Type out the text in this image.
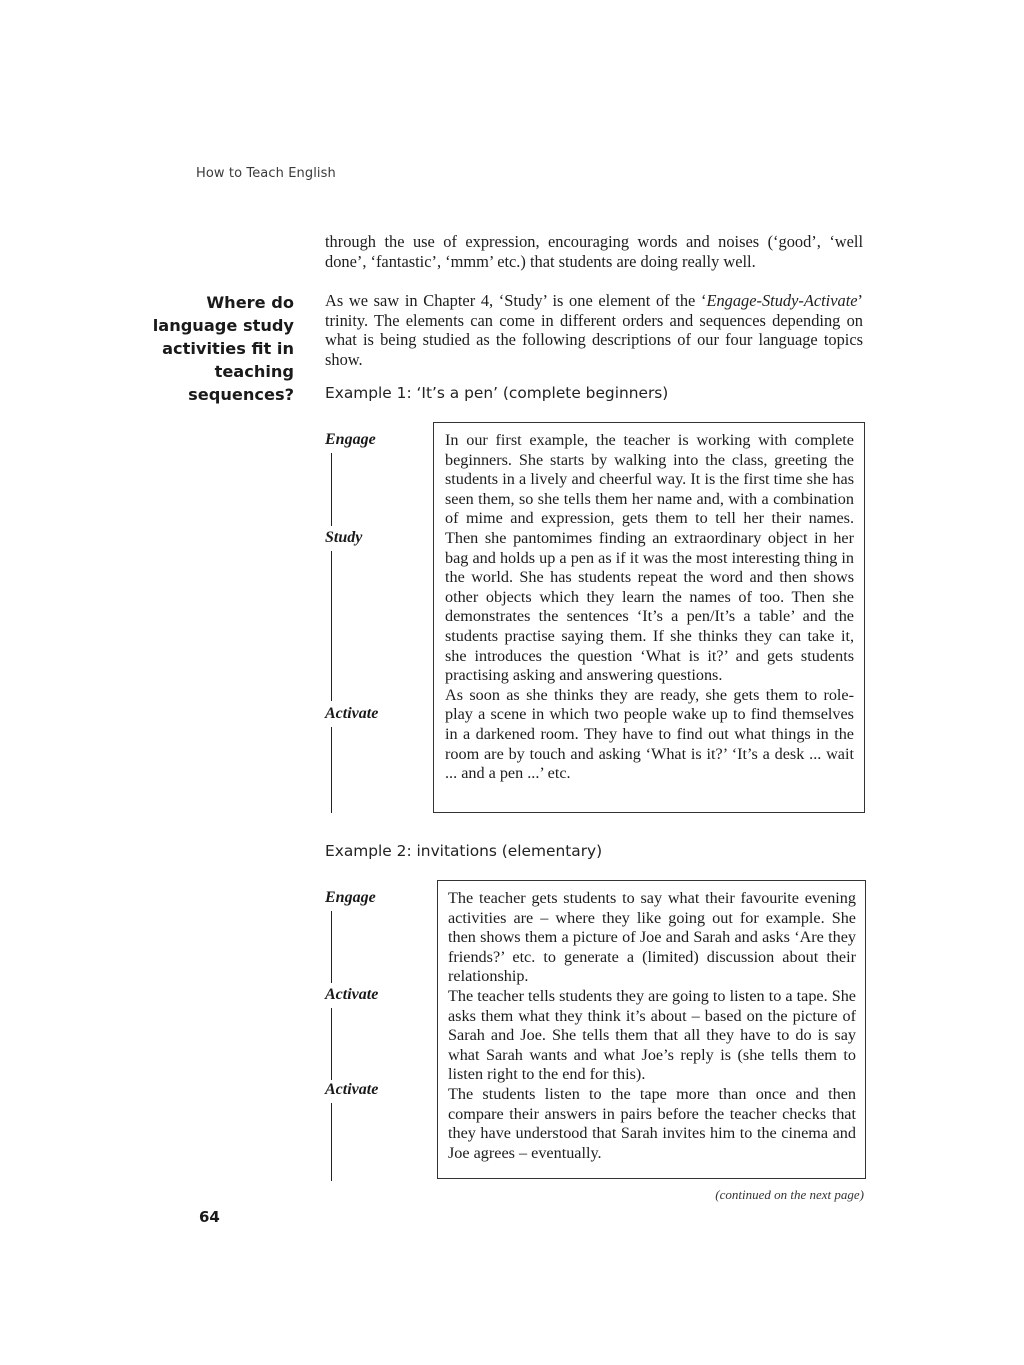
How to Teach English

through the use of expression, encouraging words and noises (‘good’, ‘well done’, ‘fantastic’, ‘mmm’ etc.) that students are doing really well.

Where do language study activities fit in teaching sequences?

As we saw in Chapter 4, ‘Study’ is one element of the ‘Engage-Study-Activate’ trinity. The elements can come in different orders and sequences depending on what is being studied as the following descriptions of our four language topics show.

Example 1: ‘It’s a pen’ (complete beginners)
Engage
Study
Activate

In our first example, the teacher is working with complete beginners. She starts by walking into the class, greeting the students in a lively and cheerful way. It is the first time she has seen them, so she tells them her name and, with a combination of mime and expression, gets them to tell her their names. Then she pantomimes finding an extraordinary object in her bag and holds up a pen as if it was the most interesting thing in the world. She has students repeat the word and then shows other objects which they learn the names of too. Then she demonstrates the sentences ‘It’s a pen/It’s a table’ and the students practise saying them. If she thinks they can take it, she introduces the question ‘What is it?’ and gets students practising asking and answering questions.
As soon as she thinks they are ready, she gets them to role-play a scene in which two people wake up to find themselves in a darkened room. They have to find out what things in the room are by touch and asking ‘What is it?’ ‘It’s a desk ... wait ... and a pen ...’ etc.

Example 2: invitations (elementary)
Engage
Activate
Activate

The teacher gets students to say what their favourite evening activities are – where they like going out for example. She then shows them a picture of Joe and Sarah and asks ‘Are they friends?’ etc. to generate a (limited) discussion about their relationship.
The teacher tells students they are going to listen to a tape. She asks them what they think it’s about – based on the picture of Sarah and Joe. She tells them that all they have to do is say what Sarah wants and what Joe’s reply is (she tells them to listen right to the end for this).
The students listen to the tape more than once and then compare their answers in pairs before the teacher checks that they have understood that Sarah invites him to the cinema and Joe agrees – eventually.

(continued on the next page)
64
